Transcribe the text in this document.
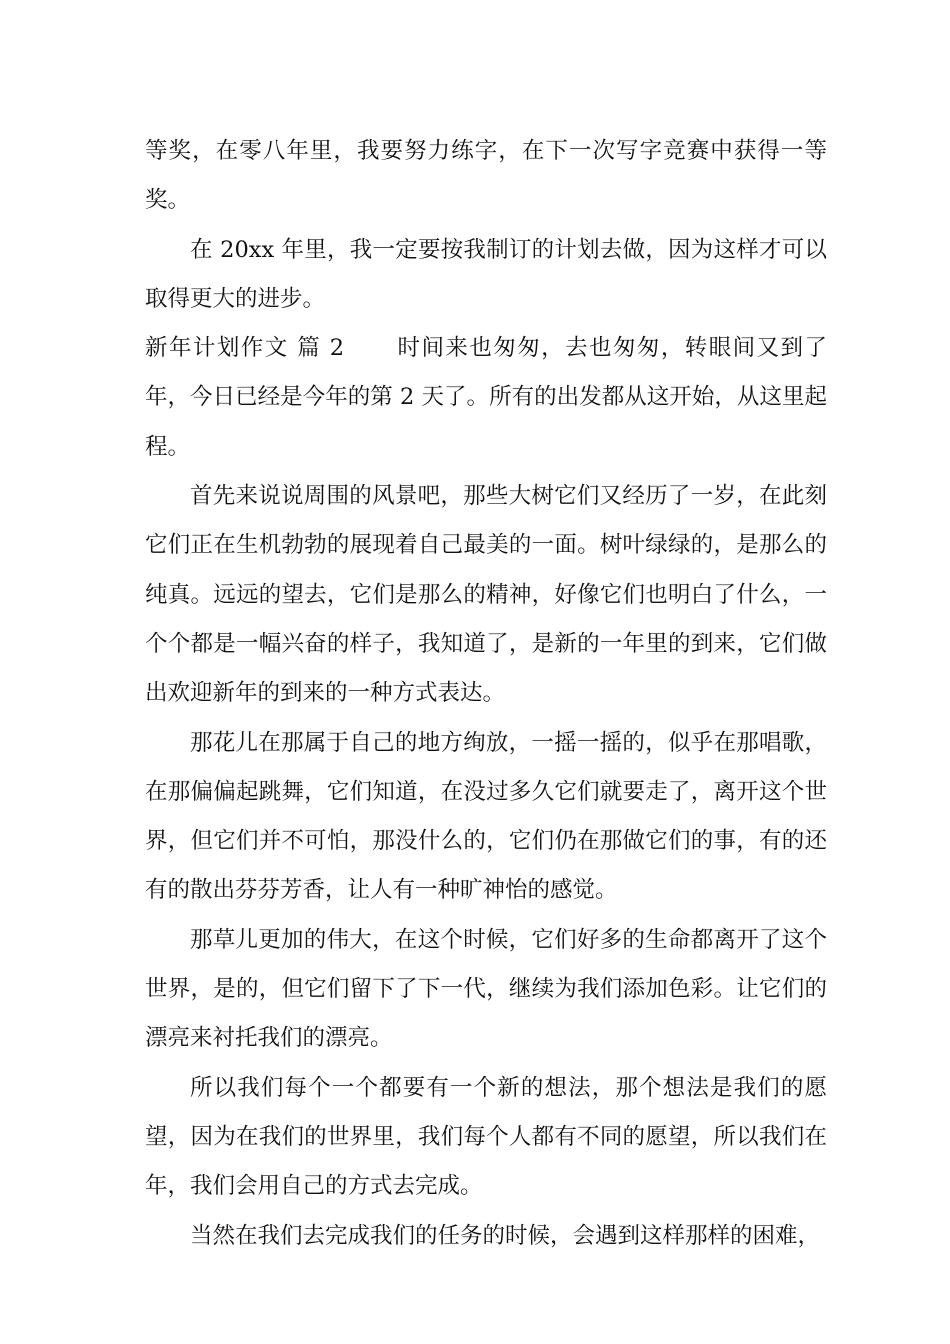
等奖，在零八年里，我要努力练字，在下一次写字竞赛中获得一等奖。

在 20xx 年里，我一定要按我制订的计划去做，因为这样才可以取得更大的进步。

新年计划作文 篇 2 时间来也匆匆，去也匆匆，转眼间又到了年，今日已经是今年的第 2 天了。所有的出发都从这开始，从这里起程。

首先来说说周围的风景吧，那些大树它们又经历了一岁，在此刻它们正在生机勃勃的展现着自己最美的一面。树叶绿绿的，是那么的纯真。远远的望去，它们是那么的精神，好像它们也明白了什么，一个个都是一幅兴奋的样子，我知道了，是新的一年里的到来，它们做出欢迎新年的到来的一种方式表达。

那花儿在那属于自己的地方绚放，一摇一摇的，似乎在那唱歌，在那偏偏起跳舞，它们知道，在没过多久它们就要走了，离开这个世界，但它们并不可怕，那没什么的，它们仍在那做它们的事，有的还有的散出芬芬芳香，让人有一种旷神怡的感觉。

那草儿更加的伟大，在这个时候，它们好多的生命都离开了这个世界，是的，但它们留下了下一代，继续为我们添加色彩。让它们的漂亮来衬托我们的漂亮。

所以我们每个一个都要有一个新的想法，那个想法是我们的愿望，因为在我们的世界里，我们每个人都有不同的愿望，所以我们在年，我们会用自己的方式去完成。

当然在我们去完成我们的任务的时候，会遇到这样那样的困难，
